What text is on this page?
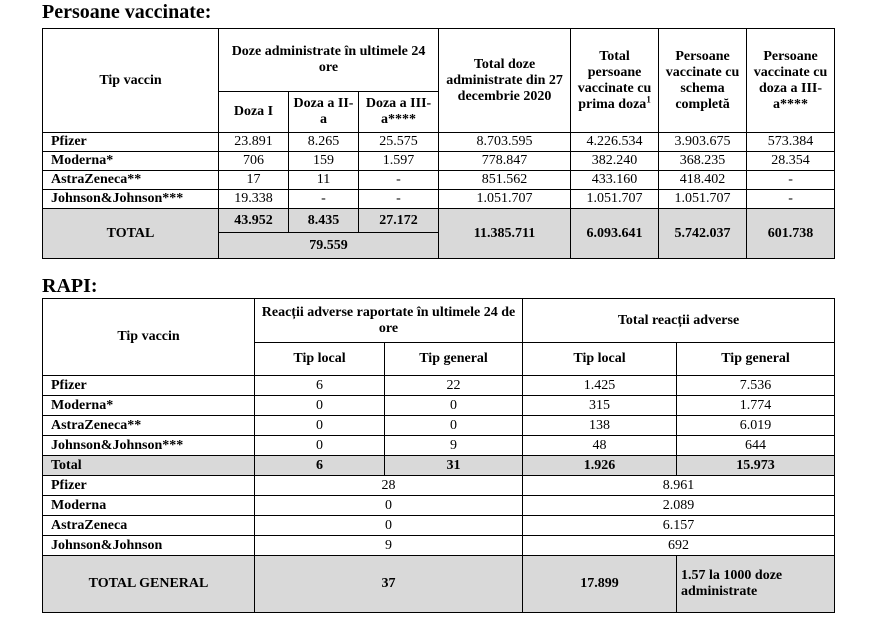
Persoane vaccinate:
Tip vaccin	Doze administrate în ultimele 24 ore			Total doze administrate din 27 decembrie 2020	Total persoane vaccinate cu prima doza$^1$	Persoane vaccinate cu schema completă	Persoane vaccinate cu doza a III-a****
	Doza I	Doza a II-a	Doza a III-a****				
Pfizer	23.891	8.265	25.575	8.703.595	4.226.534	3.903.675	573.384
Moderna*	706	159	1.597	778.847	382.240	368.235	28.354
AstraZeneca**	17	11	-	851.562	433.160	418.402	-
Johnson&Johnson***	19.338	-	-	1.051.707	1.051.707	1.051.707	-
TOTAL	43.952	8.435	27.172	11.385.711	6.093.641	5.742.037	601.738
	79.559						
RAPI:
Tip vaccin	Reacții adverse raportate în ultimele 24 de ore		Total reacții adverse	
	Tip local	Tip general	Tip local	Tip general
Pfizer	6	22	1.425	7.536
Moderna*	0	0	315	1.774
AstraZeneca**	0	0	138	6.019
Johnson&Johnson***	0	9	48	644
Total	6	31	1.926	15.973
Pfizer	28		8.961	
Moderna	0		2.089	
AstraZeneca	0		6.157	
Johnson&Johnson	9		692	
TOTAL GENERAL	37		17.899	1.57 la 1000 doze administrate
